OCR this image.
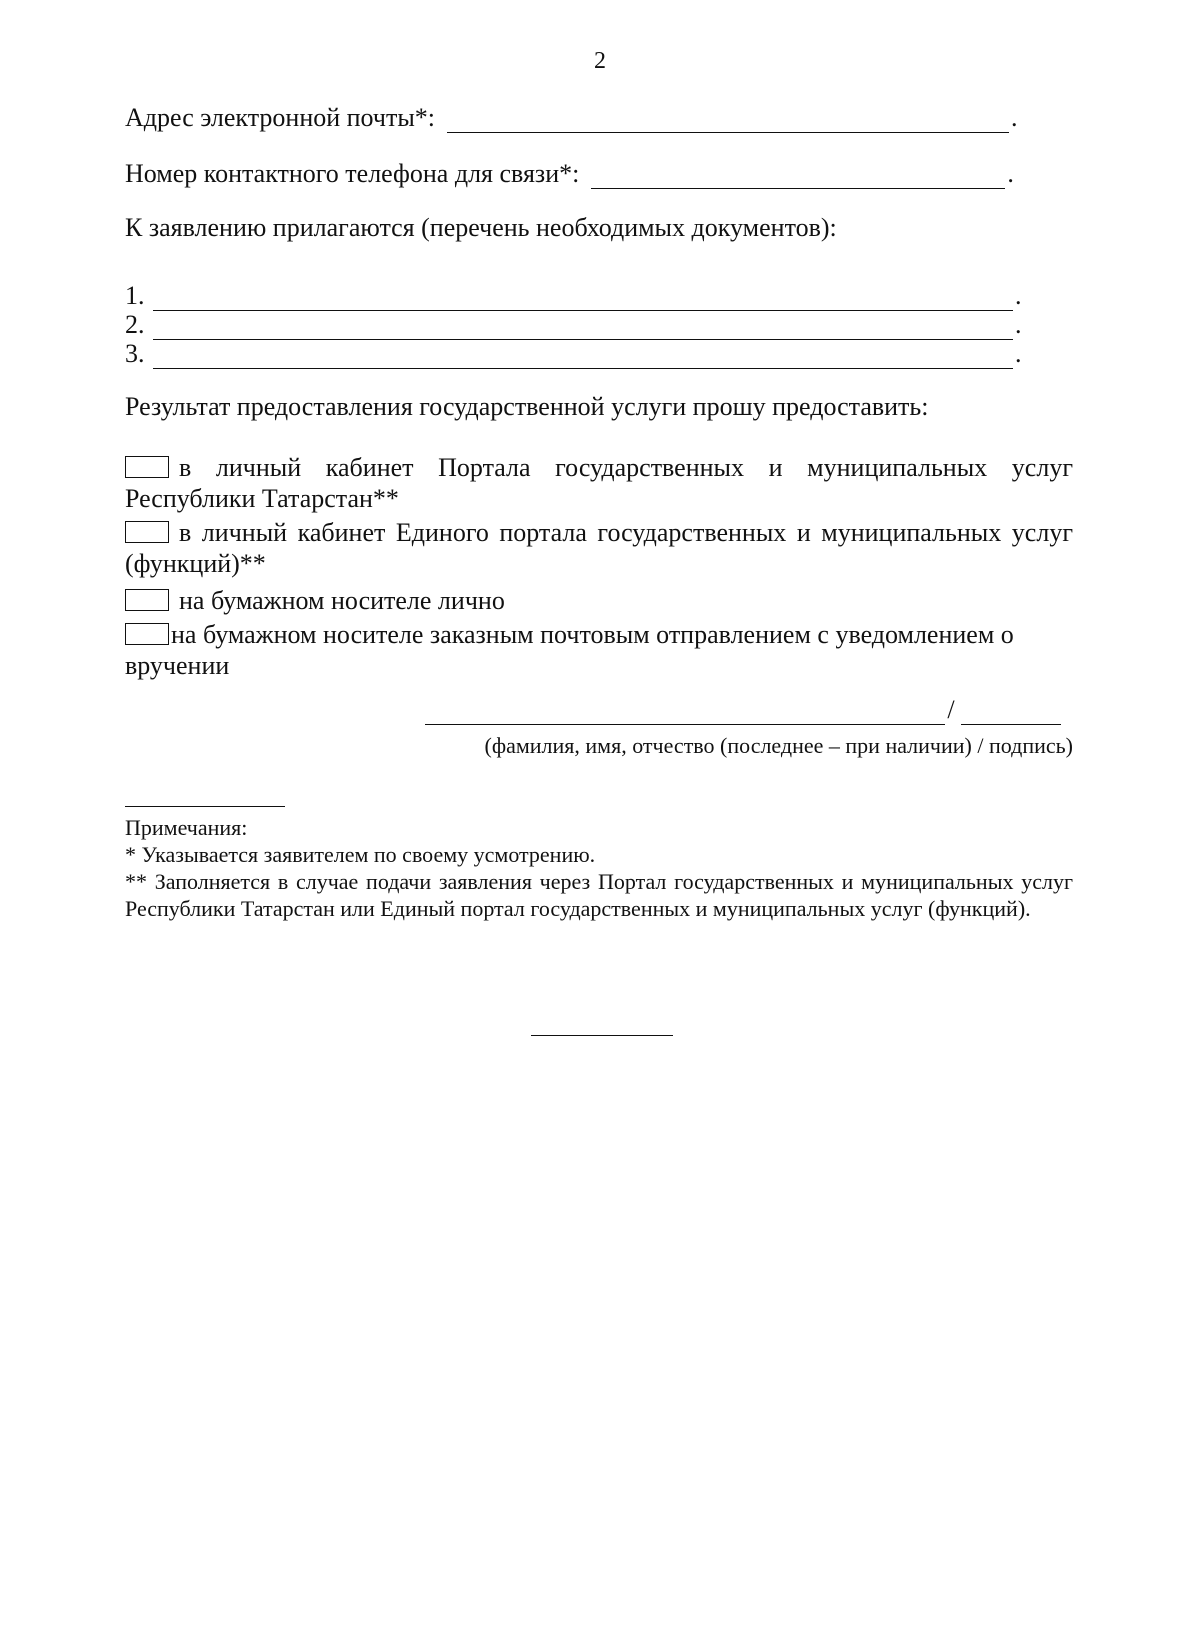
2
Адрес электронной почты*:	.
Номер контактного телефона для связи*:	.
К заявлению прилагаются (перечень необходимых документов):
1.	.
2.	.
3.	.
Результат предоставления государственной услуги прошу предоставить:
в личный кабинет Портала государственных и муниципальных услуг Республики Татарстан**
в личный кабинет Единого портала государственных и муниципальных услуг (функций)**
на бумажном носителе лично
на бумажном носителе заказным почтовым отправлением с уведомлением о вручении
/
(фамилия, имя, отчество (последнее – при наличии) / подпись)

Примечания:

* Указывается заявителем по своему усмотрению.

** Заполняется в случае подачи заявления через Портал государственных и муниципальных услуг Республики Татарстан или Единый портал государственных и муниципальных услуг (функций).
